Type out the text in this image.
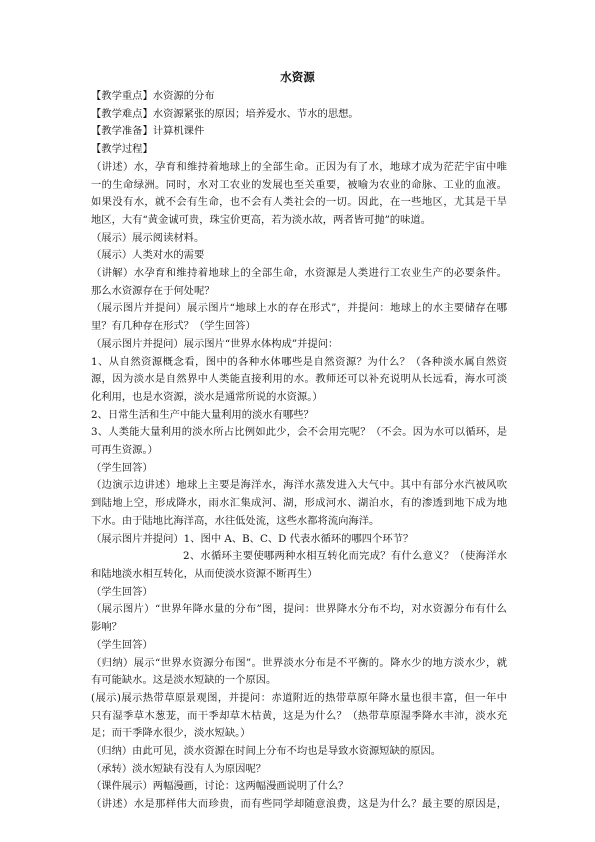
水资源
【教学重点】水资源的分布
【教学难点】水资源紧张的原因；培养爱水、节水的思想。
【教学准备】计算机课件
【教学过程】
（讲述）水，孕育和维持着地球上的全部生命。正因为有了水，地球才成为茫茫宇宙中唯
一的生命绿洲。同时，水对工农业的发展也至关重要，被喻为农业的命脉、工业的血液。
如果没有水，就不会有生命，也不会有人类社会的一切。因此，在一些地区，尤其是干旱
地区，大有“黄金诚可贵，珠宝价更高，若为淡水故，两者皆可抛”的味道。
（展示）展示阅读材料。
（展示）人类对水的需要
（讲解）水孕育和维持着地球上的全部生命，水资源是人类进行工农业生产的必要条件。
那么水资源存在于何处呢？
（展示图片并提问）展示图片“地球上水的存在形式”，并提问：地球上的水主要储存在哪
里？有几种存在形式？（学生回答）
（展示图片并提问）展示图片“世界水体构成”并提问：
1、从自然资源概念看，图中的各种水体哪些是自然资源？为什么？（各种淡水属自然资
源，因为淡水是自然界中人类能直接利用的水。教师还可以补充说明从长远看，海水可淡
化利用，也是水资源，淡水是通常所说的水资源。）
2、日常生活和生产中能大量利用的淡水有哪些？
3、人类能大量利用的淡水所占比例如此少，会不会用完呢？（不会。因为水可以循环，是
可再生资源。）
（学生回答）
（边演示边讲述）地球上主要是海洋水，海洋水蒸发进入大气中。其中有部分水汽被风吹
到陆地上空，形成降水，雨水汇集成河、湖，形成河水、湖泊水，有的渗透到地下成为地
下水。由于陆地比海洋高，水往低处流，这些水都将流向海洋。
（展示图片并提问）1、图中 A、B、C、D 代表水循环的哪四个环节？
2、水循环主要使哪两种水相互转化而完成？有什么意义？（使海洋水
和陆地淡水相互转化，从而使淡水资源不断再生）
（学生回答）
（展示图片）“世界年降水量的分布”图，提问：世界降水分布不均，对水资源分布有什么
影响？
（学生回答）
（归纳）展示“世界水资源分布图”。世界淡水分布是不平衡的。降水少的地方淡水少，就
有可能缺水。这是淡水短缺的一个原因。
(展示)展示热带草原景观图，并提问：赤道附近的热带草原年降水量也很丰富，但一年中
只有湿季草木葱茏，而干季却草木枯黄，这是为什么？（热带草原湿季降水丰沛，淡水充
足；而干季降水很少，淡水短缺。）
（归纳）由此可见，淡水资源在时间上分布不均也是导致水资源短缺的原因。
（承转）淡水短缺有没有人为原因呢？
（课件展示）两幅漫画，讨论：这两幅漫画说明了什么？
（讲述）水是那样伟大而珍贵，而有些同学却随意浪费，这是为什么？最主要的原因是，
